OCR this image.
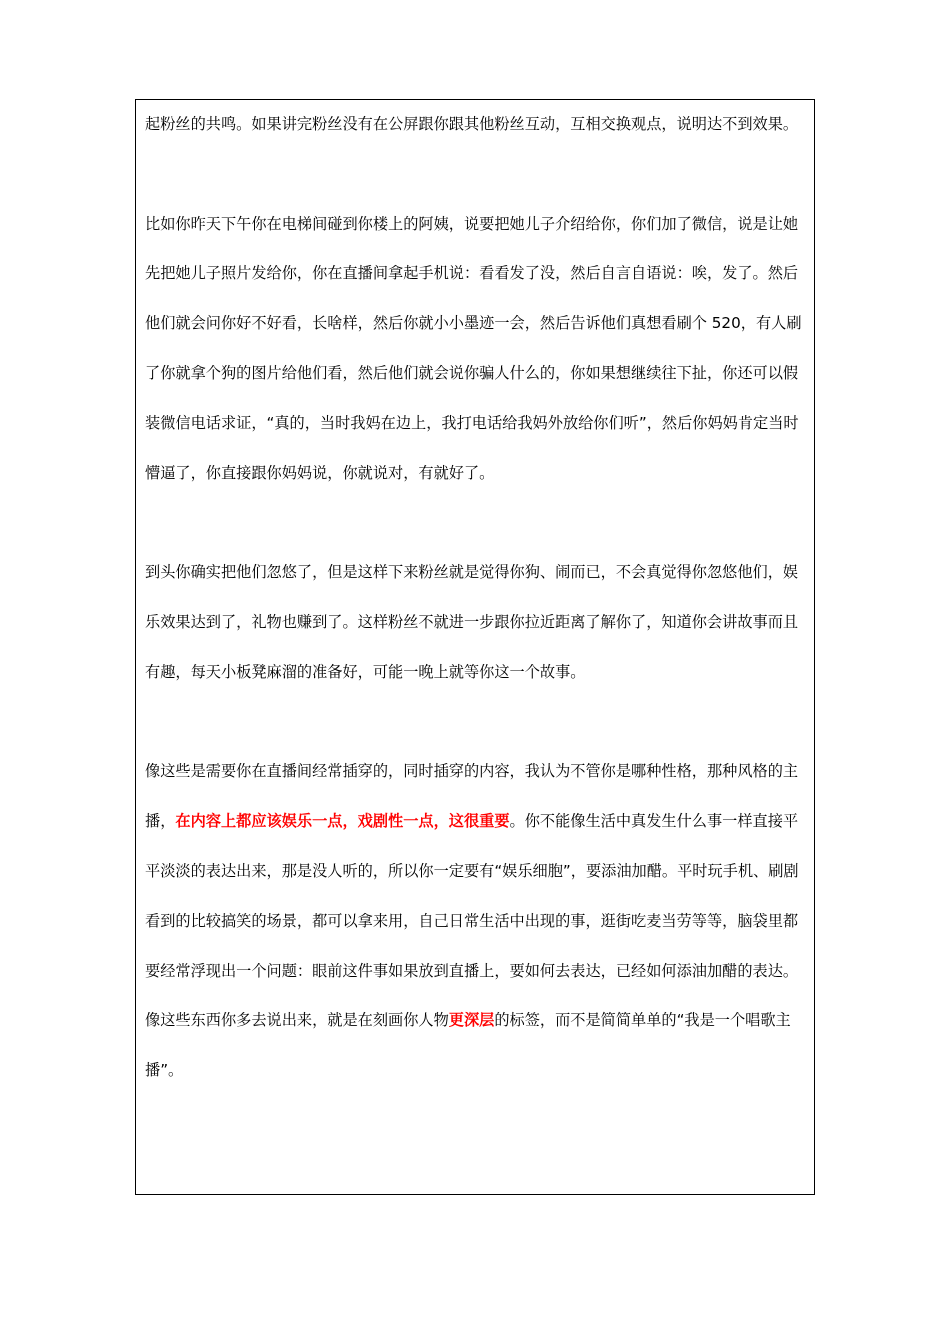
起粉丝的共鸣。如果讲完粉丝没有在公屏跟你跟其他粉丝互动，互相交换观点，说明达不到效果。

比如你昨天下午你在电梯间碰到你楼上的阿姨，说要把她儿子介绍给你，你们加了微信，说是让她先把她儿子照片发给你，你在直播间拿起手机说：看看发了没，然后自言自语说：唉，发了。然后他们就会问你好不好看，长啥样，然后你就小小墨迹一会，然后告诉他们真想看刷个 520，有人刷了你就拿个狗的图片给他们看，然后他们就会说你骗人什么的，你如果想继续往下扯，你还可以假装微信电话求证，“真的，当时我妈在边上，我打电话给我妈外放给你们听”，然后你妈妈肯定当时懵逼了，你直接跟你妈妈说，你就说对，有就好了。

到头你确实把他们忽悠了，但是这样下来粉丝就是觉得你狗、闹而已，不会真觉得你忽悠他们，娱乐效果达到了，礼物也赚到了。这样粉丝不就进一步跟你拉近距离了解你了，知道你会讲故事而且有趣，每天小板凳麻溜的准备好，可能一晚上就等你这一个故事。

像这些是需要你在直播间经常插穿的，同时插穿的内容，我认为不管你是哪种性格，那种风格的主播，在内容上都应该娱乐一点，戏剧性一点，这很重要。你不能像生活中真发生什么事一样直接平平淡淡的表达出来，那是没人听的，所以你一定要有“娱乐细胞”，要添油加醋。平时玩手机、刷剧看到的比较搞笑的场景，都可以拿来用，自己日常生活中出现的事，逛街吃麦当劳等等，脑袋里都要经常浮现出一个问题：眼前这件事如果放到直播上，要如何去表达，已经如何添油加醋的表达。

像这些东西你多去说出来，就是在刻画你人物更深层的标签，而不是简简单单的“我是一个唱歌主播”。
